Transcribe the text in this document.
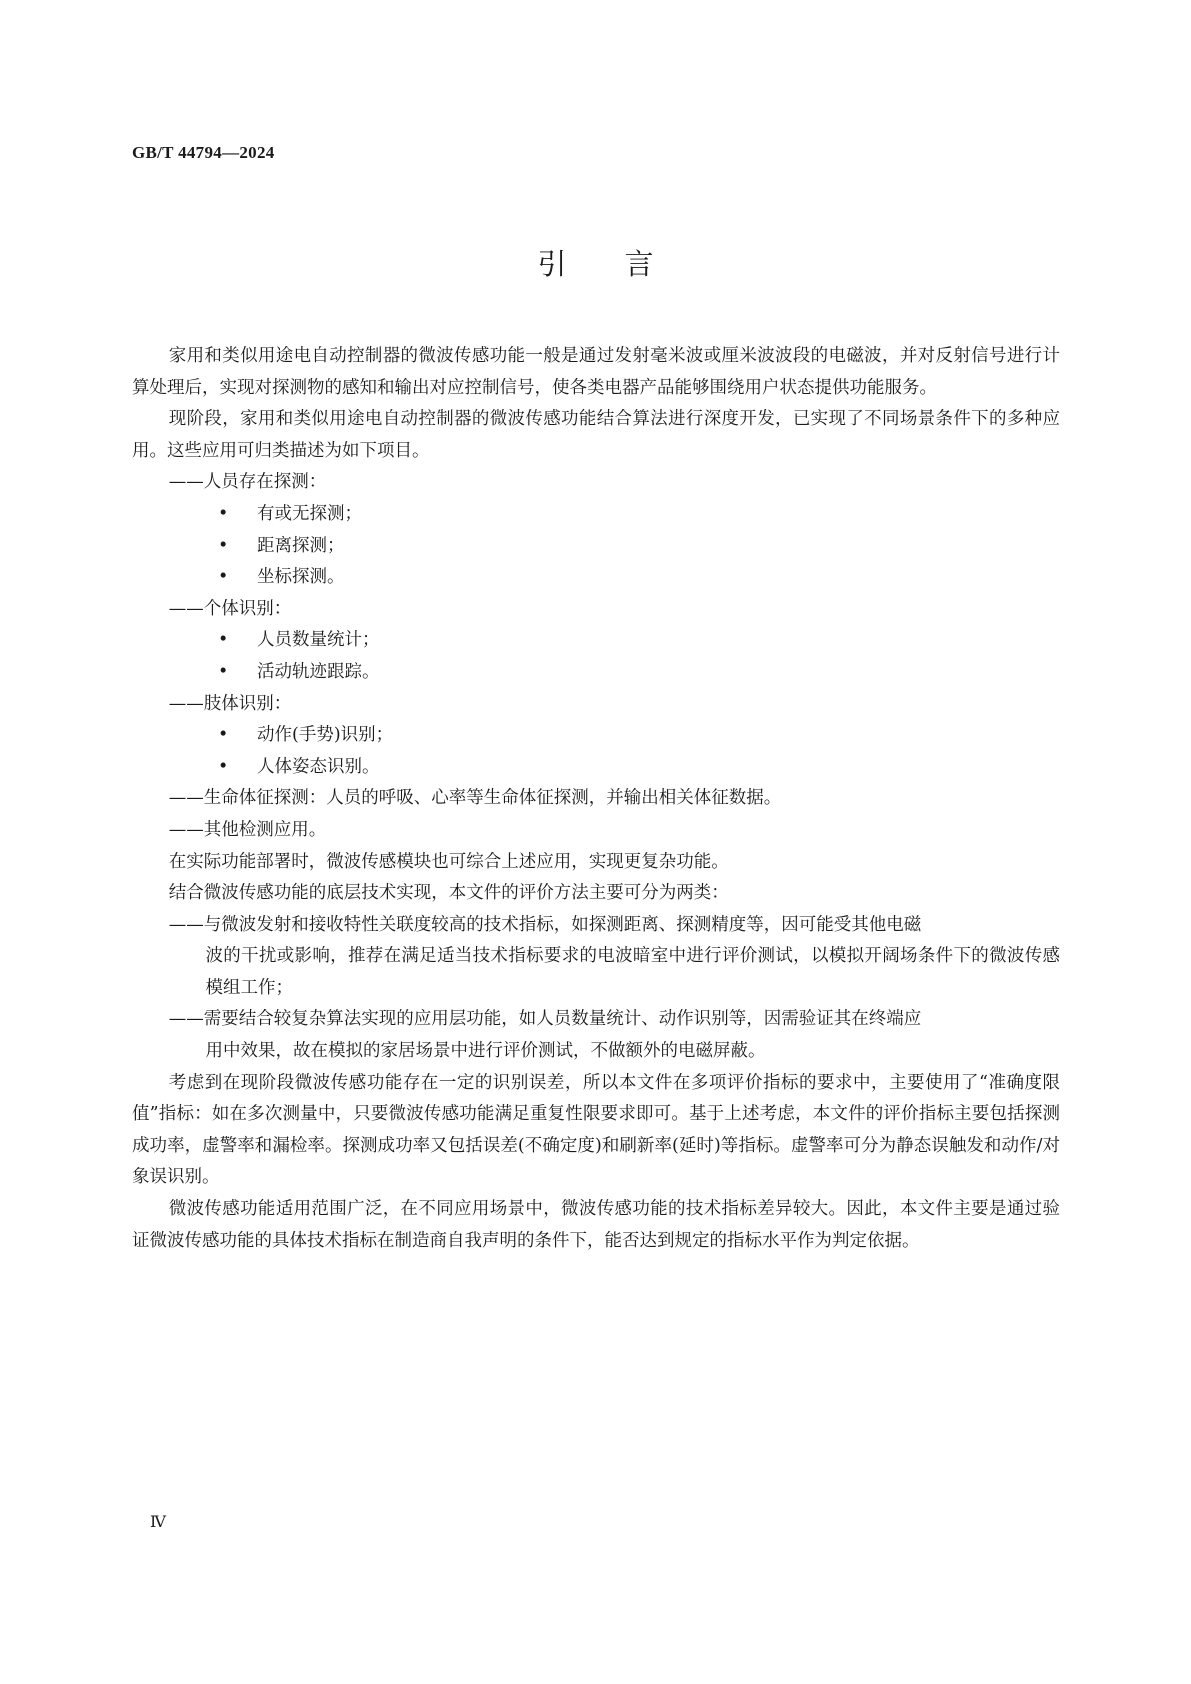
GB/T 44794—2024
引言

家用和类似用途电自动控制器的微波传感功能一般是通过发射毫米波或厘米波波段的电磁波，并对反射信号进行计算处理后，实现对探测物的感知和输出对应控制信号，使各类电器产品能够围绕用户状态提供功能服务。

现阶段，家用和类似用途电自动控制器的微波传感功能结合算法进行深度开发，已实现了不同场景条件下的多种应用。这些应用可归类描述为如下项目。

——人员存在探测：

• 有或无探测；

• 距离探测；

• 坐标探测。

——个体识别：

• 人员数量统计；

• 活动轨迹跟踪。

——肢体识别：

• 动作(手势)识别；

• 人体姿态识别。

——生命体征探测：人员的呼吸、心率等生命体征探测，并输出相关体征数据。

——其他检测应用。

在实际功能部署时，微波传感模块也可综合上述应用，实现更复杂功能。

结合微波传感功能的底层技术实现，本文件的评价方法主要可分为两类：

——与微波发射和接收特性关联度较高的技术指标，如探测距离、探测精度等，因可能受其他电磁
波的干扰或影响，推荐在满足适当技术指标要求的电波暗室中进行评价测试，以模拟开阔场条件下的微波传感模组工作；

——需要结合较复杂算法实现的应用层功能，如人员数量统计、动作识别等，因需验证其在终端应
用中效果，故在模拟的家居场景中进行评价测试，不做额外的电磁屏蔽。

考虑到在现阶段微波传感功能存在一定的识别误差，所以本文件在多项评价指标的要求中，主要使用了“准确度限值”指标：如在多次测量中，只要微波传感功能满足重复性限要求即可。基于上述考虑，本文件的评价指标主要包括探测成功率，虚警率和漏检率。探测成功率又包括误差(不确定度)和刷新率(延时)等指标。虚警率可分为静态误触发和动作/对象误识别。

微波传感功能适用范围广泛，在不同应用场景中，微波传感功能的技术指标差异较大。因此，本文件主要是通过验证微波传感功能的具体技术指标在制造商自我声明的条件下，能否达到规定的指标水平作为判定依据。

Ⅳ
